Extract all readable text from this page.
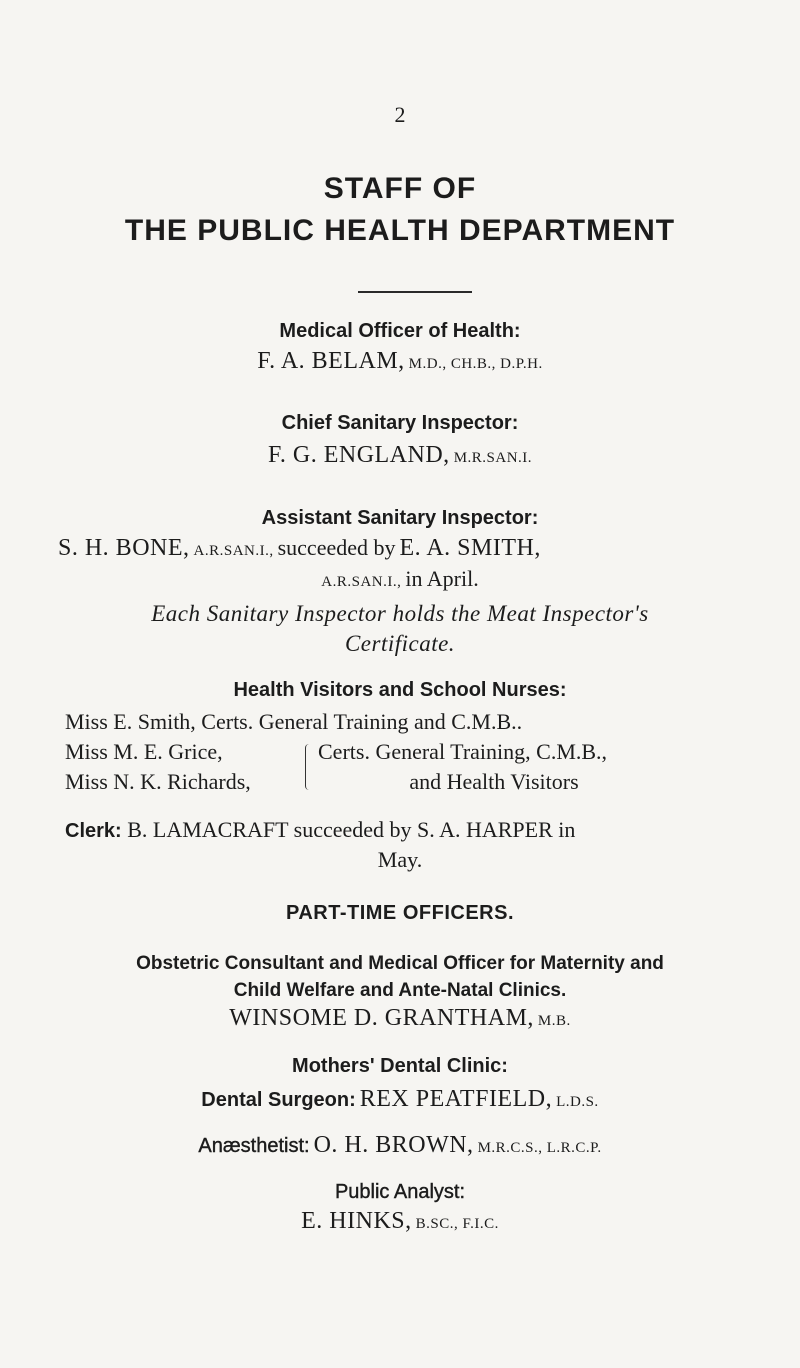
2
STAFF OF
THE PUBLIC HEALTH DEPARTMENT
Medical Officer of Health:
F. A. BELAM, M.D., CH.B., D.P.H.
Chief Sanitary Inspector:
F. G. ENGLAND, M.R.SAN.I.
Assistant Sanitary Inspector:
S. H. BONE, A.R.SAN.I., succeeded by E. A. SMITH,
A.R.SAN.I., in April.
Each Sanitary Inspector holds the Meat Inspector's
Certificate.
Health Visitors and School Nurses:
Miss E. Smith, Certs. General Training and C.M.B..
Miss M. E. Grice,
Miss N. K. Richards,
Certs. General Training, C.M.B.,
and Health Visitors
Clerk: B. LAMACRAFT succeeded by S. A. HARPER in
May.
PART-TIME OFFICERS.
Obstetric Consultant and Medical Officer for Maternity and
Child Welfare and Ante-Natal Clinics.
WINSOME D. GRANTHAM, M.B.
Mothers' Dental Clinic:
Dental Surgeon: REX PEATFIELD, L.D.S.
Anæsthetist: O. H. BROWN, M.R.C.S., L.R.C.P.
Public Analyst:
E. HINKS, B.SC., F.I.C.
